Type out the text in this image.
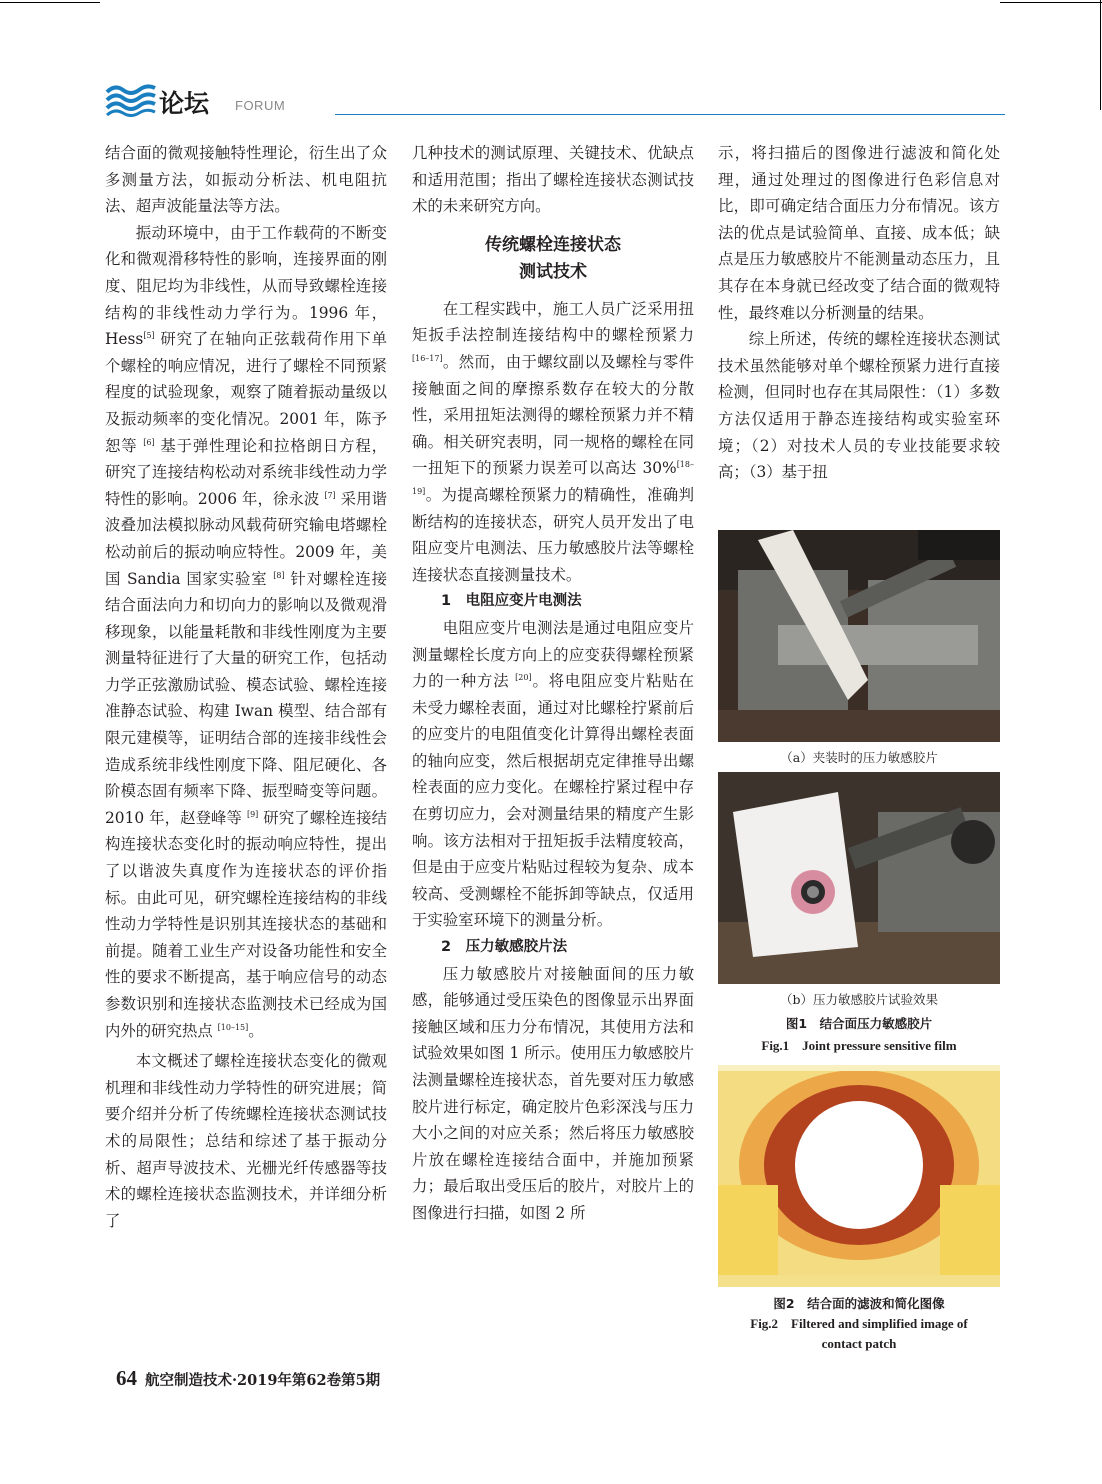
论坛 FORUM

结合面的微观接触特性理论，衍生出了众多测量方法，如振动分析法、机电阻抗法、超声波能量法等方法。

振动环境中，由于工作载荷的不断变化和微观滑移特性的影响，连接界面的刚度、阻尼均为非线性，从而导致螺栓连接结构的非线性动力学行为。1996 年，Hess[5] 研究了在轴向正弦载荷作用下单个螺栓的响应情况，进行了螺栓不同预紧程度的试验现象，观察了随着振动量级以及振动频率的变化情况。2001 年，陈予恕等 [6] 基于弹性理论和拉格朗日方程，研究了连接结构松动对系统非线性动力学特性的影响。2006 年，徐永波 [7] 采用谐波叠加法模拟脉动风载荷研究输电塔螺栓松动前后的振动响应特性。2009 年，美国 Sandia 国家实验室 [8] 针对螺栓连接结合面法向力和切向力的影响以及微观滑移现象，以能量耗散和非线性刚度为主要测量特征进行了大量的研究工作，包括动力学正弦激励试验、模态试验、螺栓连接准静态试验、构建 Iwan 模型、结合部有限元建模等，证明结合部的连接非线性会造成系统非线性刚度下降、阻尼硬化、各阶模态固有频率下降、振型畸变等问题。2010 年，赵登峰等 [9] 研究了螺栓连接结构连接状态变化时的振动响应特性，提出了以谐波失真度作为连接状态的评价指标。由此可见，研究螺栓连接结构的非线性动力学特性是识别其连接状态的基础和前提。随着工业生产对设备功能性和安全性的要求不断提高，基于响应信号的动态参数识别和连接状态监测技术已经成为国内外的研究热点 [10–15]。

本文概述了螺栓连接状态变化的微观机理和非线性动力学特性的研究进展；简要介绍并分析了传统螺栓连接状态测试技术的局限性；总结和综述了基于振动分析、超声导波技术、光栅光纤传感器等技术的螺栓连接状态监测技术，并详细分析了

几种技术的测试原理、关键技术、优缺点和适用范围；指出了螺栓连接状态测试技术的未来研究方向。

传统螺栓连接状态
测试技术

在工程实践中，施工人员广泛采用扭矩扳手法控制连接结构中的螺栓预紧力 [16–17]。然而，由于螺纹副以及螺栓与零件接触面之间的摩擦系数存在较大的分散性，采用扭矩法测得的螺栓预紧力并不精确。相关研究表明，同一规格的螺栓在同一扭矩下的预紧力误差可以高达 30%[18–19]。为提高螺栓预紧力的精确性，准确判断结构的连接状态，研究人员开发出了电阻应变片电测法、压力敏感胶片法等螺栓连接状态直接测量技术。

1　电阻应变片电测法

电阻应变片电测法是通过电阻应变片测量螺栓长度方向上的应变获得螺栓预紧力的一种方法 [20]。将电阻应变片粘贴在未受力螺栓表面，通过对比螺栓拧紧前后的应变片的电阻值变化计算得出螺栓表面的轴向应变，然后根据胡克定律推导出螺栓表面的应力变化。在螺栓拧紧过程中存在剪切应力，会对测量结果的精度产生影响。该方法相对于扭矩扳手法精度较高，但是由于应变片粘贴过程较为复杂、成本较高、受测螺栓不能拆卸等缺点，仅适用于实验室环境下的测量分析。

2　压力敏感胶片法

压力敏感胶片对接触面间的压力敏感，能够通过受压染色的图像显示出界面接触区域和压力分布情况，其使用方法和试验效果如图 1 所示。使用压力敏感胶片法测量螺栓连接状态，首先要对压力敏感胶片进行标定，确定胶片色彩深浅与压力大小之间的对应关系；然后将压力敏感胶片放在螺栓连接结合面中，并施加预紧力；最后取出受压后的胶片，对胶片上的图像进行扫描，如图 2 所

示，将扫描后的图像进行滤波和简化处理，通过处理过的图像进行色彩信息对比，即可确定结合面压力分布情况。该方法的优点是试验简单、直接、成本低；缺点是压力敏感胶片不能测量动态压力，且其存在本身就已经改变了结合面的微观特性，最终难以分析测量的结果。

综上所述，传统的螺栓连接状态测试技术虽然能够对单个螺栓预紧力进行直接检测，但同时也存在其局限性：（1）多数方法仅适用于静态连接结构或实验室环境；（2）对技术人员的专业技能要求较高；（3）基于扭

（a）夹装时的压力敏感胶片
（b）压力敏感胶片试验效果
图1　结合面压力敏感胶片
Fig.1　Joint pressure sensitive film
图2　结合面的滤波和简化图像
Fig.2　Filtered and simplified image of
contact patch
64 航空制造技术·2019年第62卷第5期
